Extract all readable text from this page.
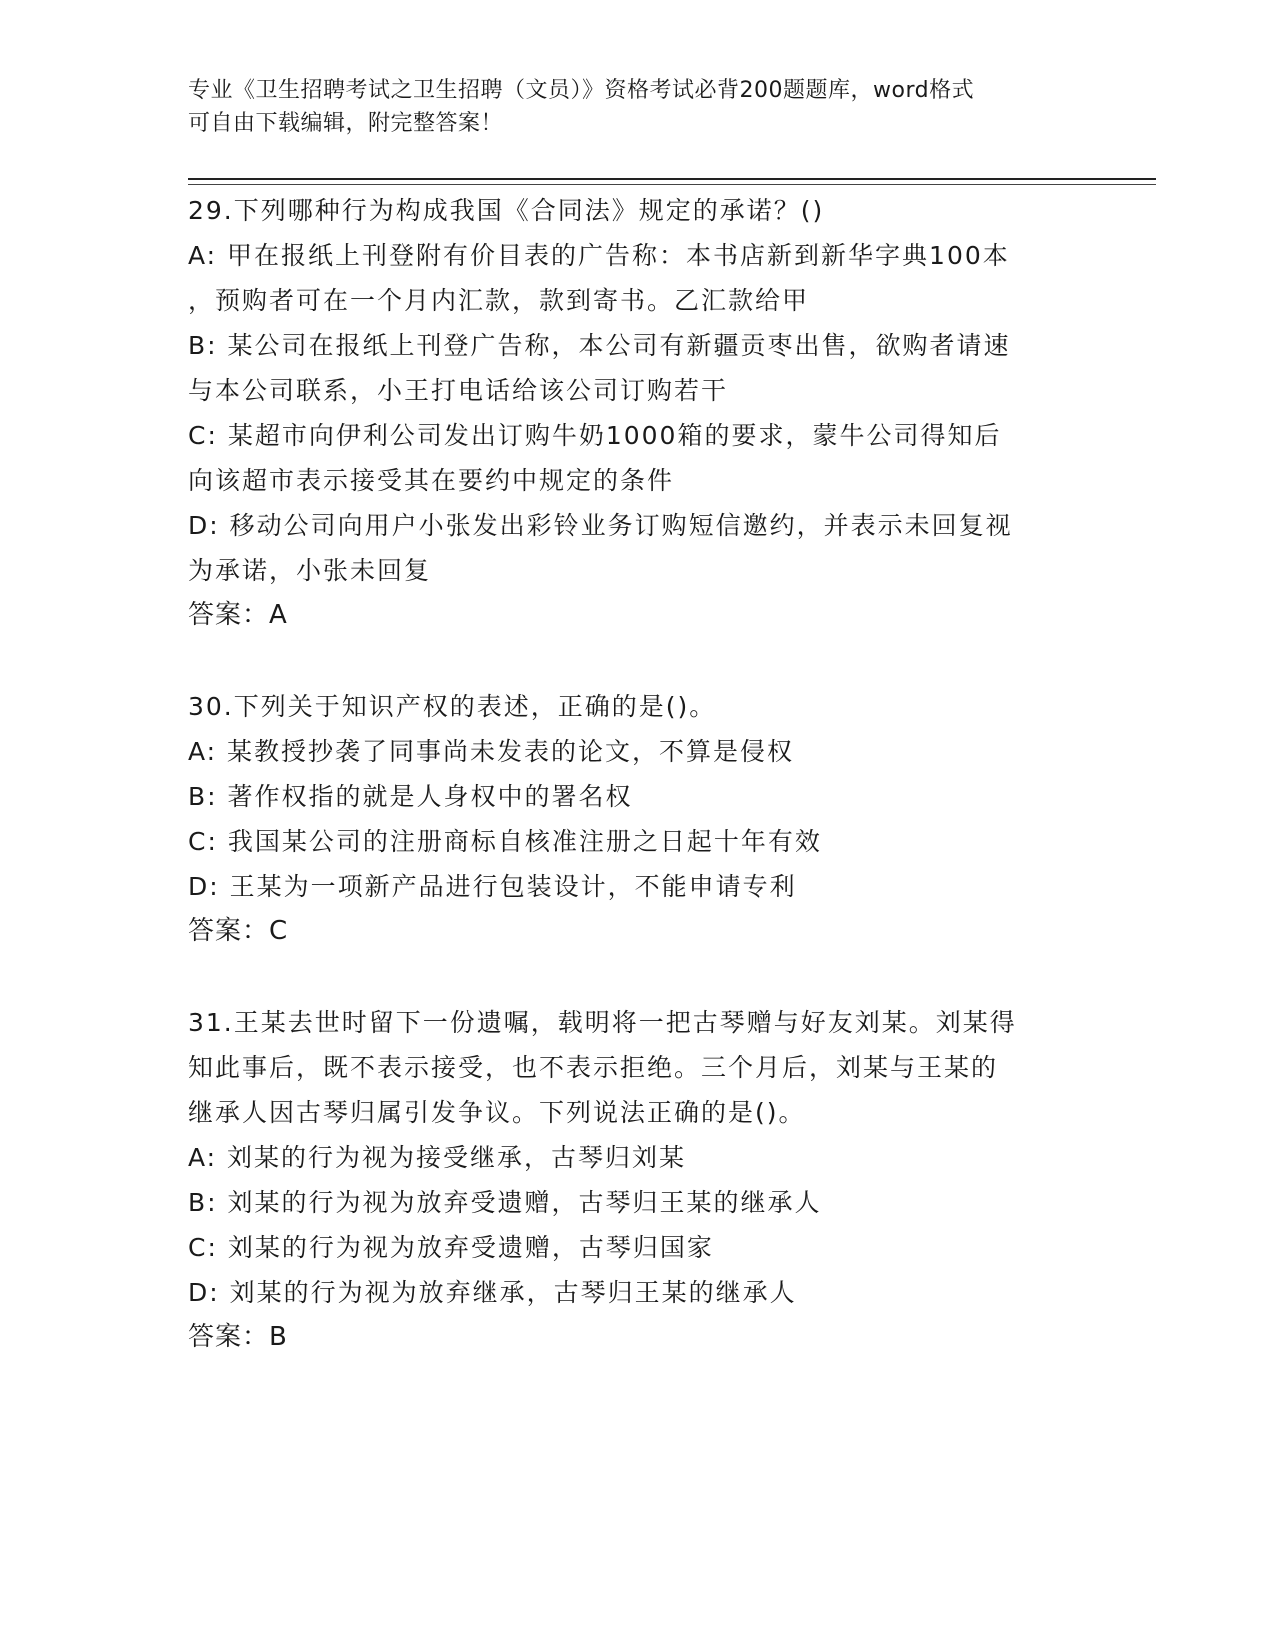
专业《卫生招聘考试之卫生招聘（文员）》资格考试必背200题题库，word格式
可自由下载编辑，附完整答案！
29.下列哪种行为构成我国《合同法》规定的承诺？()
A: 甲在报纸上刊登附有价目表的广告称：本书店新到新华字典100本
，预购者可在一个月内汇款，款到寄书。乙汇款给甲
B: 某公司在报纸上刊登广告称，本公司有新疆贡枣出售，欲购者请速
与本公司联系，小王打电话给该公司订购若干
C: 某超市向伊利公司发出订购牛奶1000箱的要求，蒙牛公司得知后
向该超市表示接受其在要约中规定的条件
D: 移动公司向用户小张发出彩铃业务订购短信邀约，并表示未回复视
为承诺，小张未回复
答案：A
30.下列关于知识产权的表述，正确的是()。
A: 某教授抄袭了同事尚未发表的论文，不算是侵权
B: 著作权指的就是人身权中的署名权
C: 我国某公司的注册商标自核准注册之日起十年有效
D: 王某为一项新产品进行包装设计，不能申请专利
答案：C
31.王某去世时留下一份遗嘱，载明将一把古琴赠与好友刘某。刘某得
知此事后，既不表示接受，也不表示拒绝。三个月后，刘某与王某的
继承人因古琴归属引发争议。下列说法正确的是()。
A: 刘某的行为视为接受继承，古琴归刘某
B: 刘某的行为视为放弃受遗赠，古琴归王某的继承人
C: 刘某的行为视为放弃受遗赠，古琴归国家
D: 刘某的行为视为放弃继承，古琴归王某的继承人
答案：B
